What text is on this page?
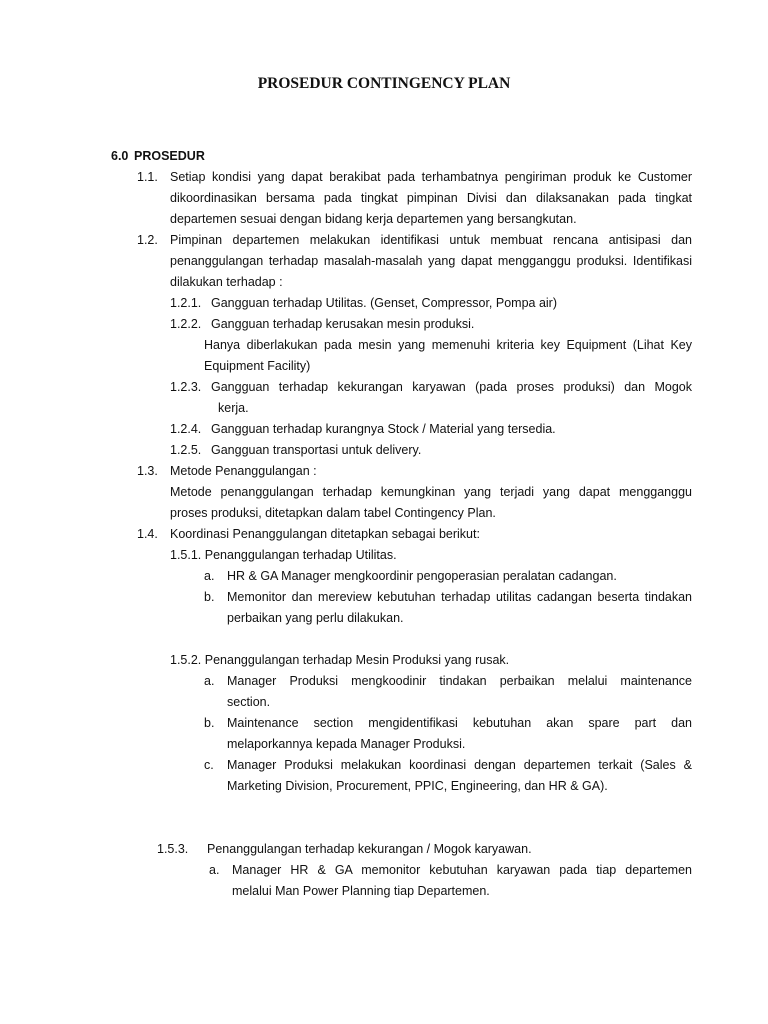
PROSEDUR CONTINGENCY PLAN
6.0 PROSEDUR
1.1. Setiap kondisi yang dapat berakibat pada terhambatnya pengiriman produk ke Customer
dikoordinasikan bersama pada tingkat pimpinan Divisi dan dilaksanakan pada tingkat
departemen sesuai dengan bidang kerja departemen yang bersangkutan.
1.2. Pimpinan departemen melakukan identifikasi untuk membuat rencana antisipasi dan
penanggulangan terhadap masalah-masalah yang dapat mengganggu produksi. Identifikasi
dilakukan terhadap :
1.2.1. Gangguan terhadap Utilitas. (Genset, Compressor, Pompa air)
1.2.2. Gangguan terhadap kerusakan mesin produksi.
Hanya diberlakukan pada mesin yang memenuhi kriteria key Equipment (Lihat Key
Equipment Facility)
1.2.3. Gangguan terhadap kekurangan karyawan (pada proses produksi) dan Mogok
kerja.
1.2.4. Gangguan terhadap kurangnya Stock / Material yang tersedia.
1.2.5. Gangguan transportasi untuk delivery.
1.3. Metode Penanggulangan :
Metode penanggulangan terhadap kemungkinan yang terjadi yang dapat mengganggu
proses produksi, ditetapkan dalam tabel Contingency Plan.
1.4. Koordinasi Penanggulangan ditetapkan sebagai berikut:
1.5.1. Penanggulangan terhadap Utilitas.
a. HR & GA Manager mengkoordinir pengoperasian peralatan cadangan.
b. Memonitor dan mereview kebutuhan terhadap utilitas cadangan beserta tindakan
perbaikan yang perlu dilakukan.
1.5.2. Penanggulangan terhadap Mesin Produksi yang rusak.
a. Manager Produksi mengkoodinir tindakan perbaikan melalui maintenance
section.
b. Maintenance section mengidentifikasi kebutuhan akan spare part dan
melaporkannya kepada Manager Produksi.
c. Manager Produksi melakukan koordinasi dengan departemen terkait (Sales &
Marketing Division, Procurement, PPIC, Engineering, dan HR & GA).
1.5.3. Penanggulangan terhadap kekurangan / Mogok karyawan.
a. Manager HR & GA memonitor kebutuhan karyawan pada tiap departemen
melalui Man Power Planning tiap Departemen.
